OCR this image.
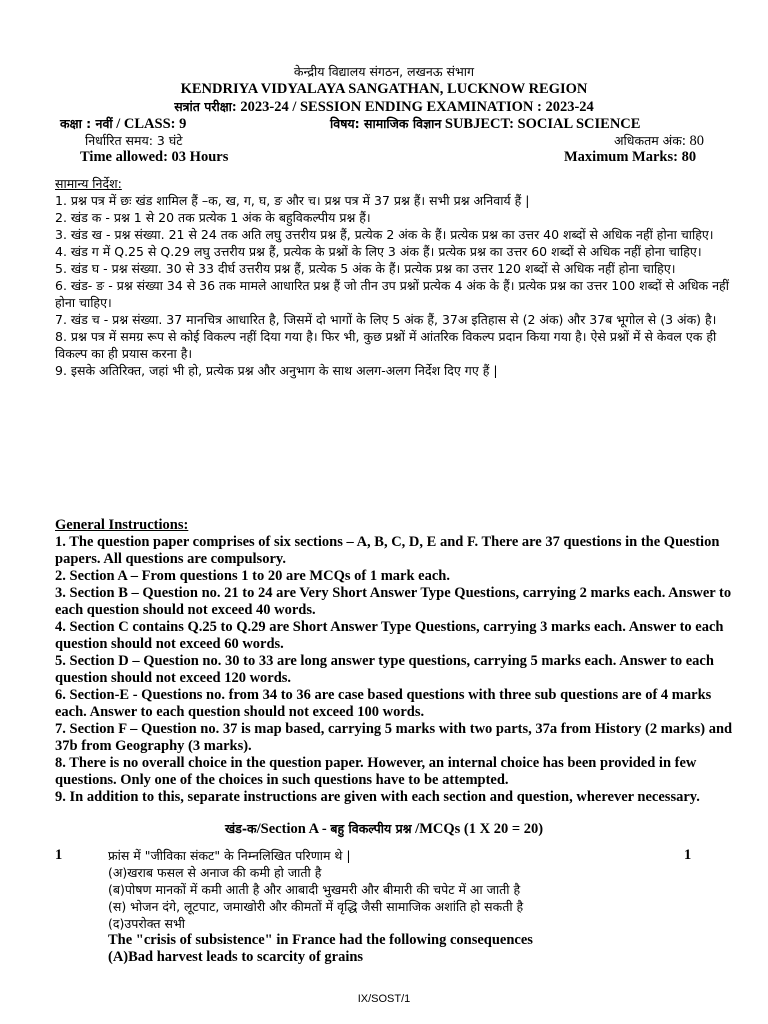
केन्द्रीय विद्यालय संगठन, लखनऊ संभाग
KENDRIYA VIDYALAYA SANGATHAN, LUCKNOW REGION
सत्रांत परीक्षा: 2023-24 / SESSION ENDING EXAMINATION : 2023-24
कक्षा : नवीं / CLASS: 9	विषय: सामाजिक विज्ञान SUBJECT: SOCIAL SCIENCE
निर्धारित समय: 3 घंटे	अधिकतम अंक: 80
Time allowed: 03 Hours	Maximum Marks: 80

सामान्य निर्देश:

1. प्रश्न पत्र में छः खंड शामिल हैं –क, ख, ग, घ, ङ और च। प्रश्न पत्र में 37 प्रश्न हैं। सभी प्रश्न अनिवार्य हैं |

2. खंड क - प्रश्न 1 से 20 तक प्रत्येक 1 अंक के बहुविकल्पीय प्रश्न हैं।

3. खंड ख - प्रश्न संख्या. 21 से 24 तक अति लघु उत्तरीय प्रश्न हैं, प्रत्येक 2 अंक के हैं। प्रत्येक प्रश्न का उत्तर 40 शब्दों से अधिक नहीं होना चाहिए।

4. खंड ग में Q.25 से Q.29 लघु उत्तरीय प्रश्न हैं, प्रत्येक के प्रश्नों के लिए 3 अंक हैं। प्रत्येक प्रश्न का उत्तर 60 शब्दों से अधिक नहीं होना चाहिए।

5. खंड घ - प्रश्न संख्या. 30 से 33 दीर्घ उत्तरीय प्रश्न हैं, प्रत्येक 5 अंक के हैं। प्रत्येक प्रश्न का उत्तर 120 शब्दों से अधिक नहीं होना चाहिए।

6. खंड- ङ - प्रश्न संख्या 34 से 36 तक मामले आधारित प्रश्न हैं जो तीन उप प्रश्नों प्रत्येक 4 अंक के हैं। प्रत्येक प्रश्न का उत्तर 100 शब्दों से अधिक नहीं होना चाहिए।

7. खंड च - प्रश्न संख्या. 37 मानचित्र आधारित है, जिसमें दो भागों के लिए 5 अंक हैं, 37अ इतिहास से (2 अंक) और 37ब भूगोल से (3 अंक) है।

8. प्रश्न पत्र में समग्र रूप से कोई विकल्प नहीं दिया गया है। फिर भी, कुछ प्रश्नों में आंतरिक विकल्प प्रदान किया गया है। ऐसे प्रश्नों में से केवल एक ही विकल्प का ही प्रयास करना है।

9. इसके अतिरिक्त, जहां भी हो, प्रत्येक प्रश्न और अनुभाग के साथ अलग-अलग निर्देश दिए गए हैं |

General Instructions:

1. The question paper comprises of six sections – A, B, C, D, E and F. There are 37 questions in the Question papers. All questions are compulsory.

2. Section A – From questions 1 to 20 are MCQs of 1 mark each.

3. Section B – Question no. 21 to 24 are Very Short Answer Type Questions, carrying 2 marks each. Answer to each question should not exceed 40 words.

4. Section C contains Q.25 to Q.29 are Short Answer Type Questions, carrying 3 marks each. Answer to each question should not exceed 60 words.

5. Section D – Question no. 30 to 33 are long answer type questions, carrying 5 marks each. Answer to each question should not exceed 120 words.

6. Section-E - Questions no. from 34 to 36 are case based questions with three sub questions are of 4 marks each. Answer to each question should not exceed 100 words.

7. Section F – Question no. 37 is map based, carrying 5 marks with two parts, 37a from History (2 marks) and 37b from Geography (3 marks).

8. There is no overall choice in the question paper. However, an internal choice has been provided in few questions. Only one of the choices in such questions have to be attempted.

9. In addition to this, separate instructions are given with each section and question, wherever necessary.

खंड-क/Section A - बहु विकल्पीय प्रश्न /MCQs (1 X 20 = 20)
1	1

फ्रांस में "जीविका संकट" के निम्नलिखित परिणाम थे |

(अ)खराब फसल से अनाज की कमी हो जाती है

(ब)पोषण मानकों में कमी आती है और आबादी भुखमरी और बीमारी की चपेट में आ जाती है

(स) भोजन दंगे, लूटपाट, जमाखोरी और कीमतों में वृद्धि जैसी सामाजिक अशांति हो सकती है

(द)उपरोक्त सभी

The "crisis of subsistence" in France had the following consequences

(A)Bad harvest leads to scarcity of grains

IX/SOST/1
